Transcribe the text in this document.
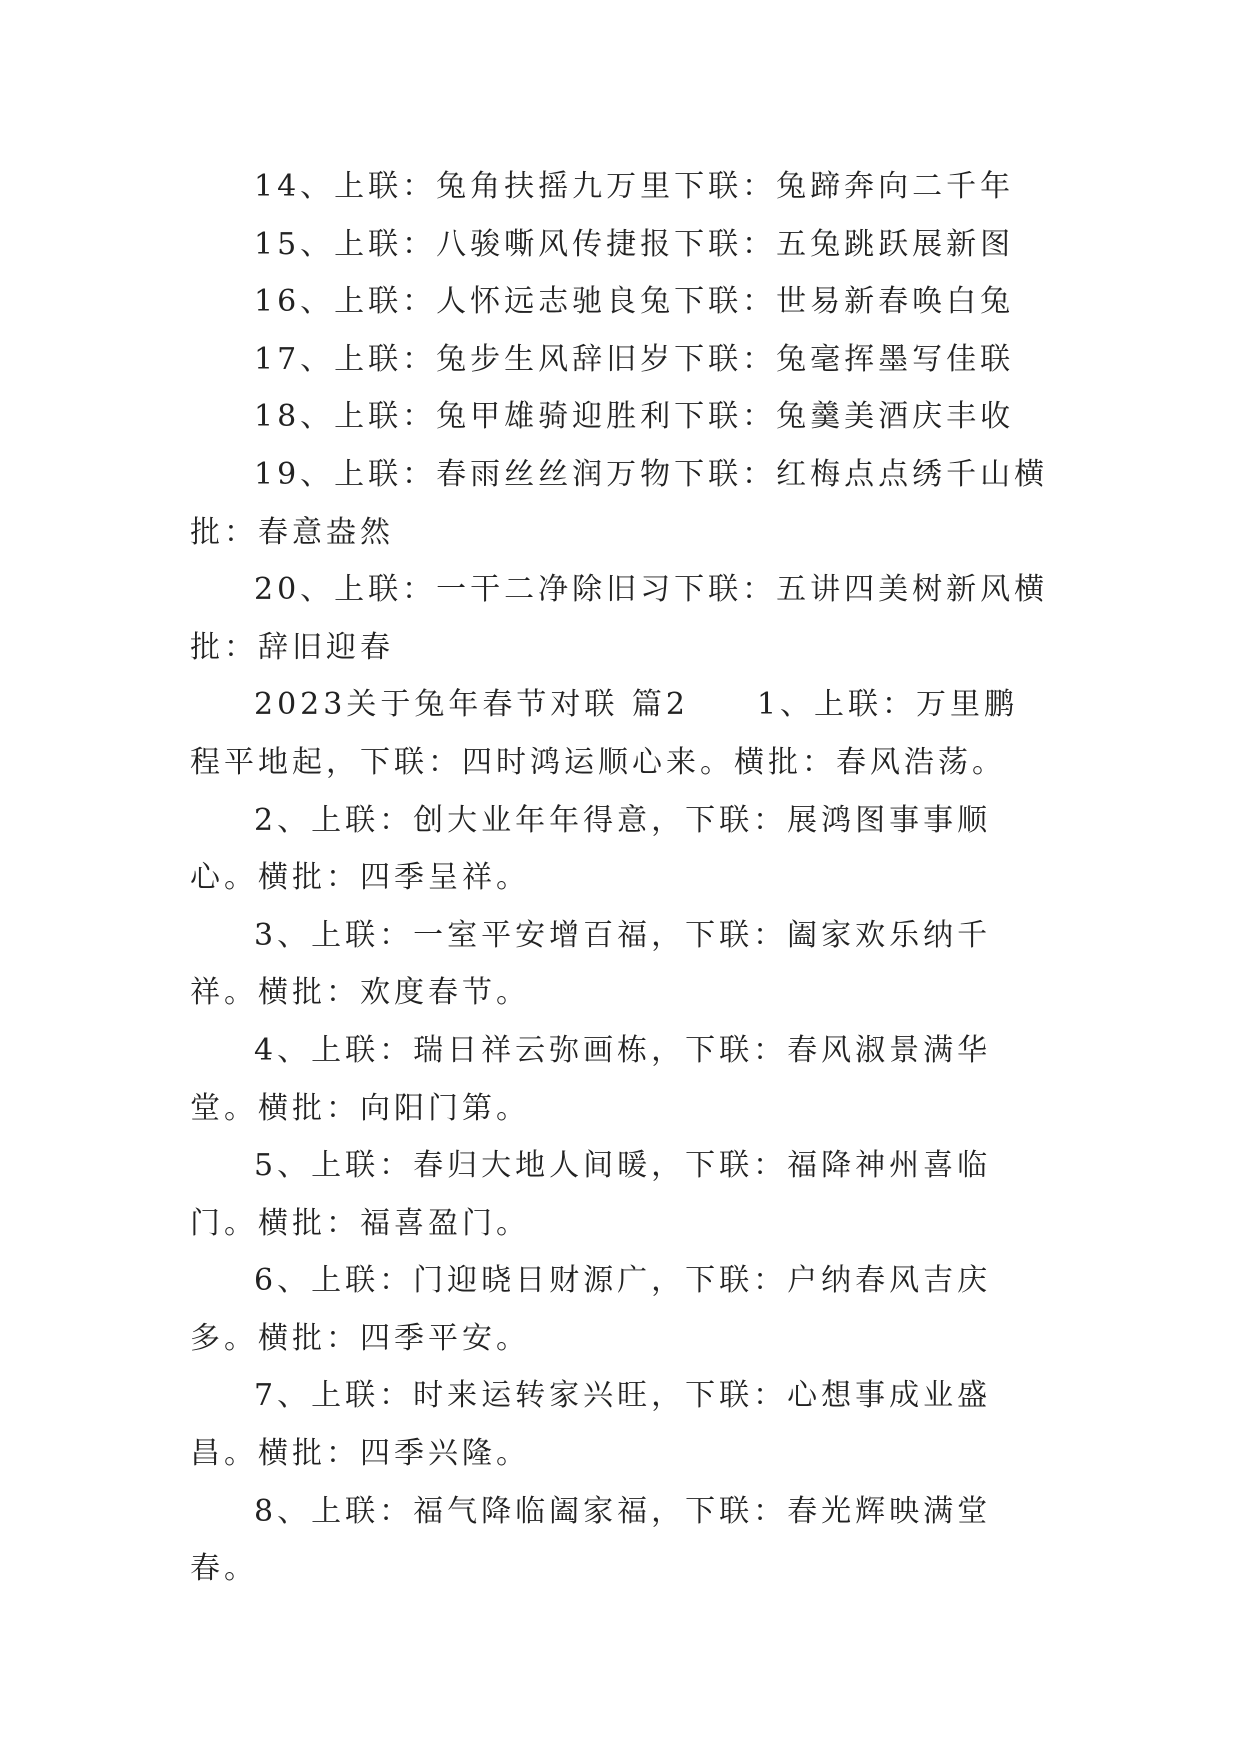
14、上联：兔角扶摇九万里下联：兔蹄奔向二千年

15、上联：八骏嘶风传捷报下联：五兔跳跃展新图

16、上联：人怀远志驰良兔下联：世易新春唤白兔

17、上联：兔步生风辞旧岁下联：兔毫挥墨写佳联

18、上联：兔甲雄骑迎胜利下联：兔羹美酒庆丰收

19、上联：春雨丝丝润万物下联：红梅点点绣千山横批：春意盎然

20、上联：一干二净除旧习下联：五讲四美树新风横批：辞旧迎春

2023关于兔年春节对联 篇2　　1、上联：万里鹏程平地起，下联：四时鸿运顺心来。横批：春风浩荡。

2、上联：创大业年年得意，下联：展鸿图事事顺心。横批：四季呈祥。

3、上联：一室平安增百福，下联：阖家欢乐纳千祥。横批：欢度春节。

4、上联：瑞日祥云弥画栋，下联：春风淑景满华堂。横批：向阳门第。

5、上联：春归大地人间暖，下联：福降神州喜临门。横批：福喜盈门。

6、上联：门迎晓日财源广，下联：户纳春风吉庆多。横批：四季平安。

7、上联：时来运转家兴旺，下联：心想事成业盛昌。横批：四季兴隆。

8、上联：福气降临阖家福，下联：春光辉映满堂春。
